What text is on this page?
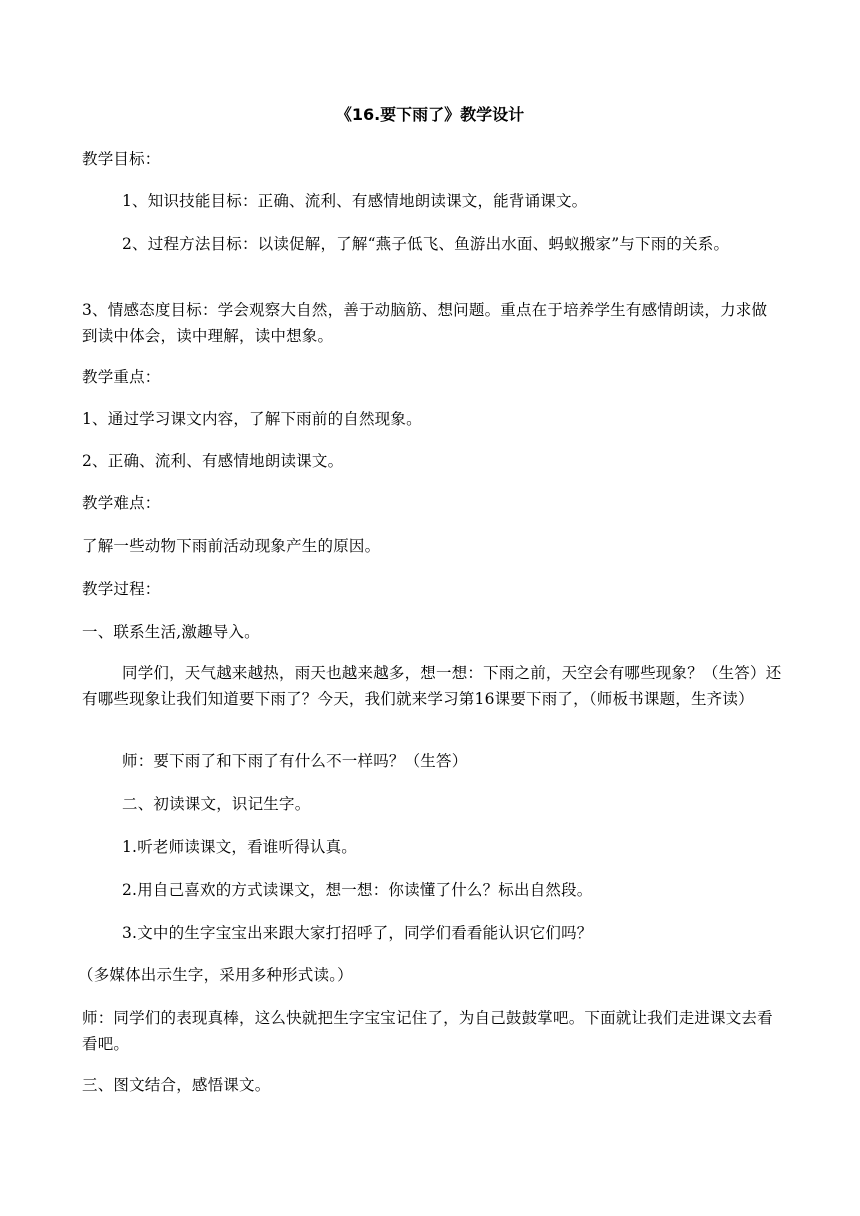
《16.要下雨了》教学设计
教学目标：
1、知识技能目标：正确、流利、有感情地朗读课文，能背诵课文。
2、过程方法目标：以读促解，了解“燕子低飞、鱼游出水面、蚂蚁搬家”与下雨的关系。
3、情感态度目标：学会观察大自然，善于动脑筋、想问题。重点在于培养学生有感情朗读，力求做到读中体会，读中理解，读中想象。
教学重点：
1、通过学习课文内容，了解下雨前的自然现象。
2、正确、流利、有感情地朗读课文。
教学难点：
了解一些动物下雨前活动现象产生的原因。
教学过程：
一、联系生活,激趣导入。
同学们，天气越来越热，雨天也越来越多，想一想：下雨之前，天空会有哪些现象？（生答）还有哪些现象让我们知道要下雨了？今天，我们就来学习第16课要下雨了，（师板书课题，生齐读）
师：要下雨了和下雨了有什么不一样吗？（生答）
二、初读课文，识记生字。
1.听老师读课文，看谁听得认真。
2.用自己喜欢的方式读课文，想一想：你读懂了什么？标出自然段。
3.文中的生字宝宝出来跟大家打招呼了，同学们看看能认识它们吗？
（多媒体出示生字，采用多种形式读。）
师：同学们的表现真棒，这么快就把生字宝宝记住了，为自己鼓鼓掌吧。下面就让我们走进课文去看看吧。
三、图文结合，感悟课文。
